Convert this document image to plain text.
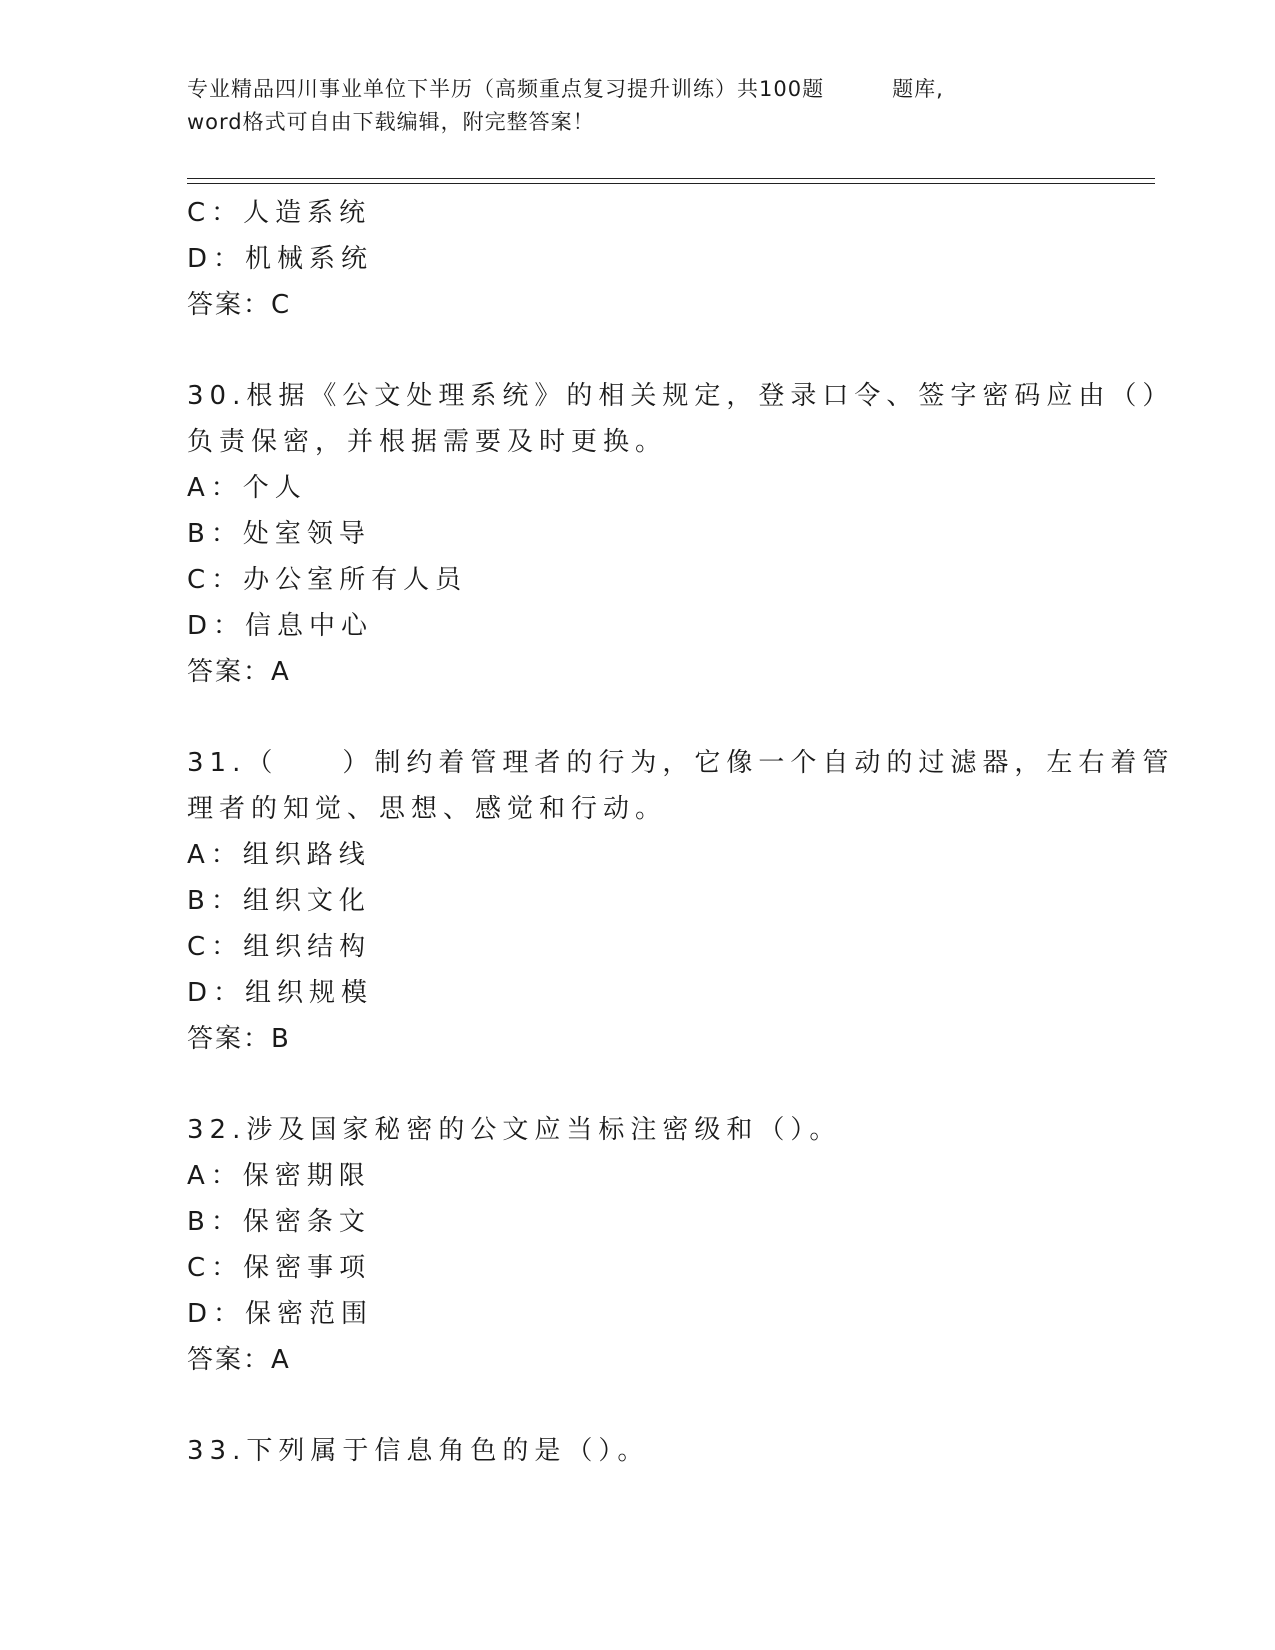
专业精品四川事业单位下半历（高频重点复习提升训练）共100题	题库,
word格式可自由下载编辑，附完整答案！
C：人造系统
D：机械系统
答案：C
30.根据《公文处理系统》的相关规定，登录口令、签字密码应由（）
负责保密，并根据需要及时更换。
A：个人
B：处室领导
C：办公室所有人员
D：信息中心
答案：A
31.（　　）制约着管理者的行为，它像一个自动的过滤器，左右着管
理者的知觉、思想、感觉和行动。
A：组织路线
B：组织文化
C：组织结构
D：组织规模
答案：B
32.涉及国家秘密的公文应当标注密级和（）。
A：保密期限
B：保密条文
C：保密事项
D：保密范围
答案：A
33.下列属于信息角色的是（）。
